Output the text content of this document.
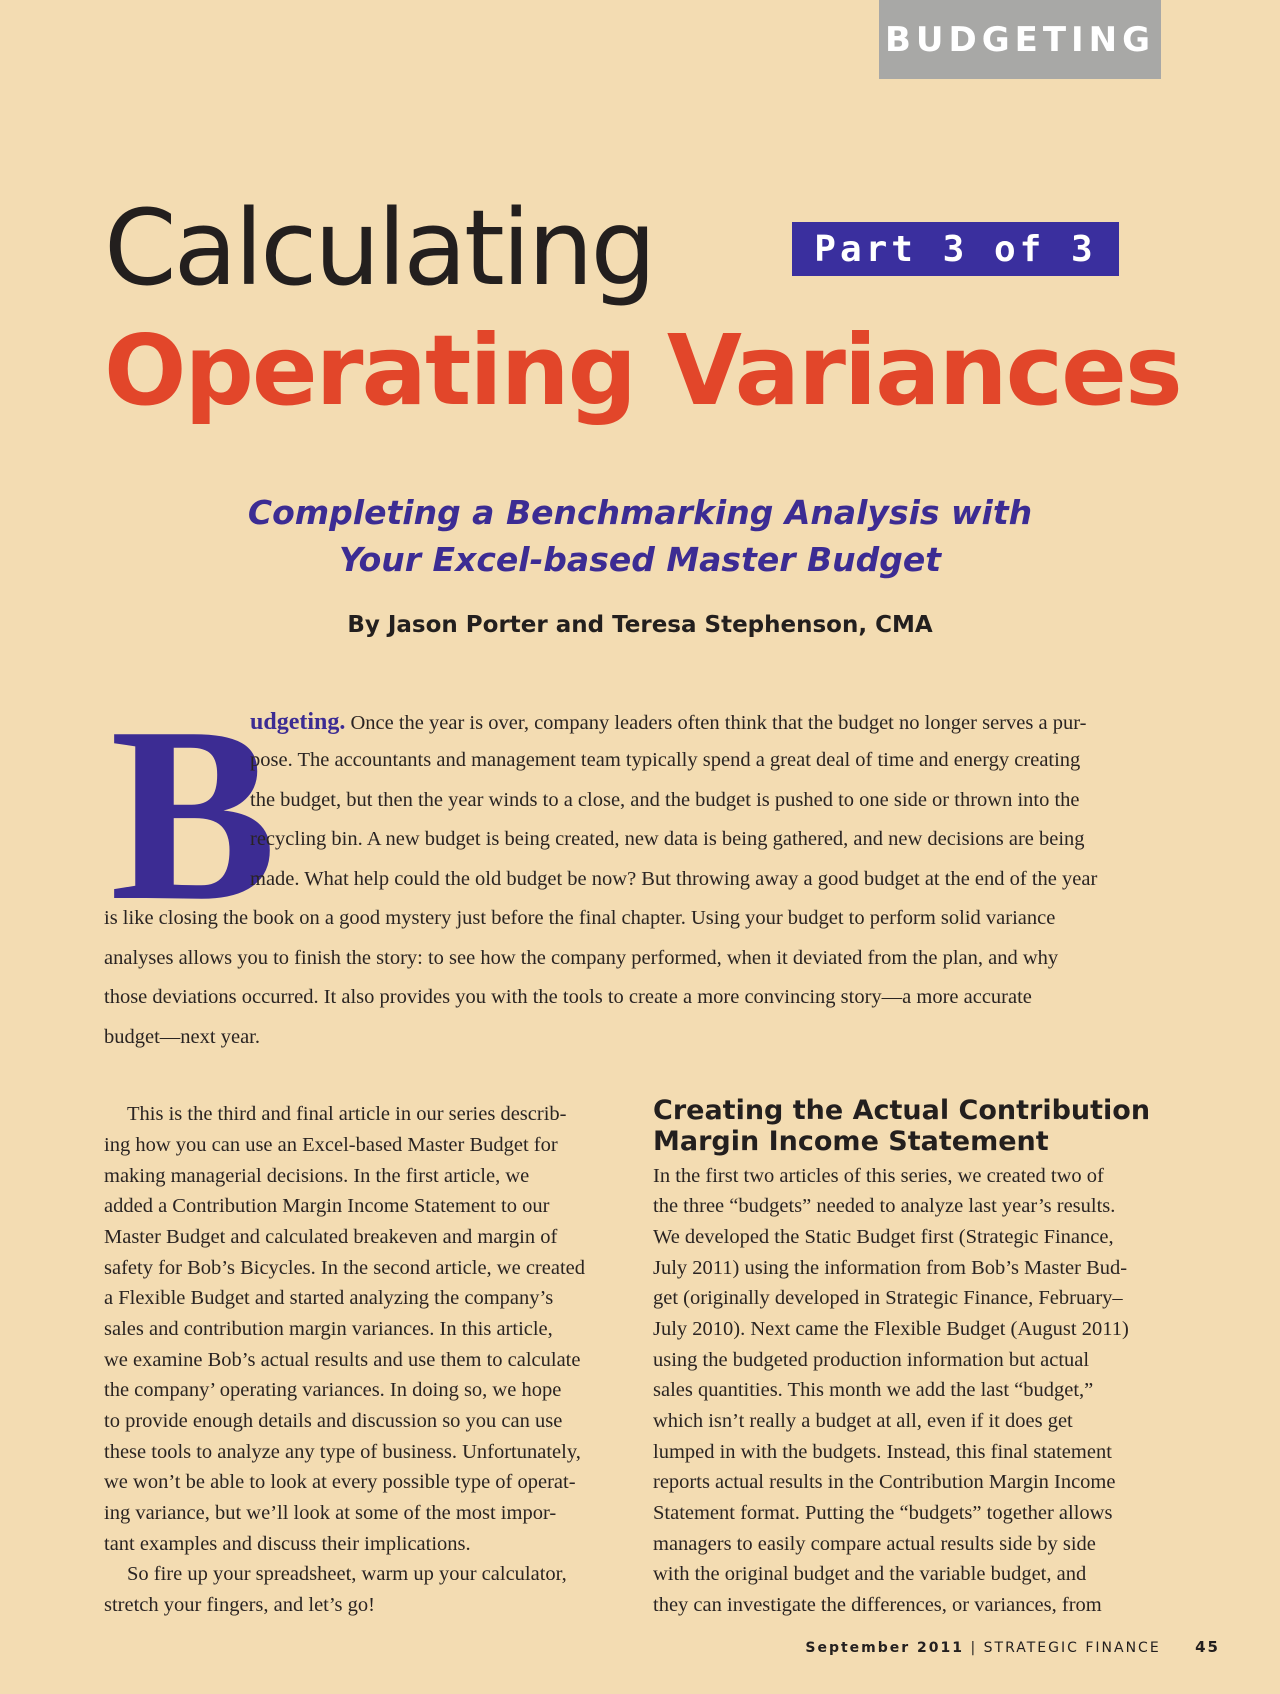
BUDGETING
Calculating	Part 3 of 3
Operating Variances
Completing a Benchmarking Analysis with
Your Excel-based Master Budget
By Jason Porter and Teresa Stephenson, CMA
B
udgeting. Once the year is over, company leaders often think that the budget no longer serves a pur-
pose. The accountants and management team typically spend a great deal of time and energy creating
the budget, but then the year winds to a close, and the budget is pushed to one side or thrown into the
recycling bin. A new budget is being created, new data is being gathered, and new decisions are being
made. What help could the old budget be now? But throwing away a good budget at the end of the year
is like closing the book on a good mystery just before the final chapter. Using your budget to perform solid variance
analyses allows you to finish the story: to see how the company performed, when it deviated from the plan, and why
those deviations occurred. It also provides you with the tools to create a more convincing story—a more accurate
budget—next year.
This is the third and final article in our series describ-
ing how you can use an Excel-based Master Budget for
making managerial decisions. In the first article, we
added a Contribution Margin Income Statement to our
Master Budget and calculated breakeven and margin of
safety for Bob’s Bicycles. In the second article, we created
a Flexible Budget and started analyzing the company’s
sales and contribution margin variances. In this article,
we examine Bob’s actual results and use them to calculate
the company’ operating variances. In doing so, we hope
to provide enough details and discussion so you can use
these tools to analyze any type of business. Unfortunately,
we won’t be able to look at every possible type of operat-
ing variance, but we’ll look at some of the most impor-
tant examples and discuss their implications.
So fire up your spreadsheet, warm up your calculator,
stretch your fingers, and let’s go!
Creating the Actual Contribution
Margin Income Statement
In the first two articles of this series, we created two of
the three “budgets” needed to analyze last year’s results.
We developed the Static Budget first (Strategic Finance,
July 2011) using the information from Bob’s Master Bud-
get (originally developed in Strategic Finance, February–
July 2010). Next came the Flexible Budget (August 2011)
using the budgeted production information but actual
sales quantities. This month we add the last “budget,”
which isn’t really a budget at all, even if it does get
lumped in with the budgets. Instead, this final statement
reports actual results in the Contribution Margin Income
Statement format. Putting the “budgets” together allows
managers to easily compare actual results side by side
with the original budget and the variable budget, and
they can investigate the differences, or variances, from
September 2011 | STRATEGIC FINANCE 45
